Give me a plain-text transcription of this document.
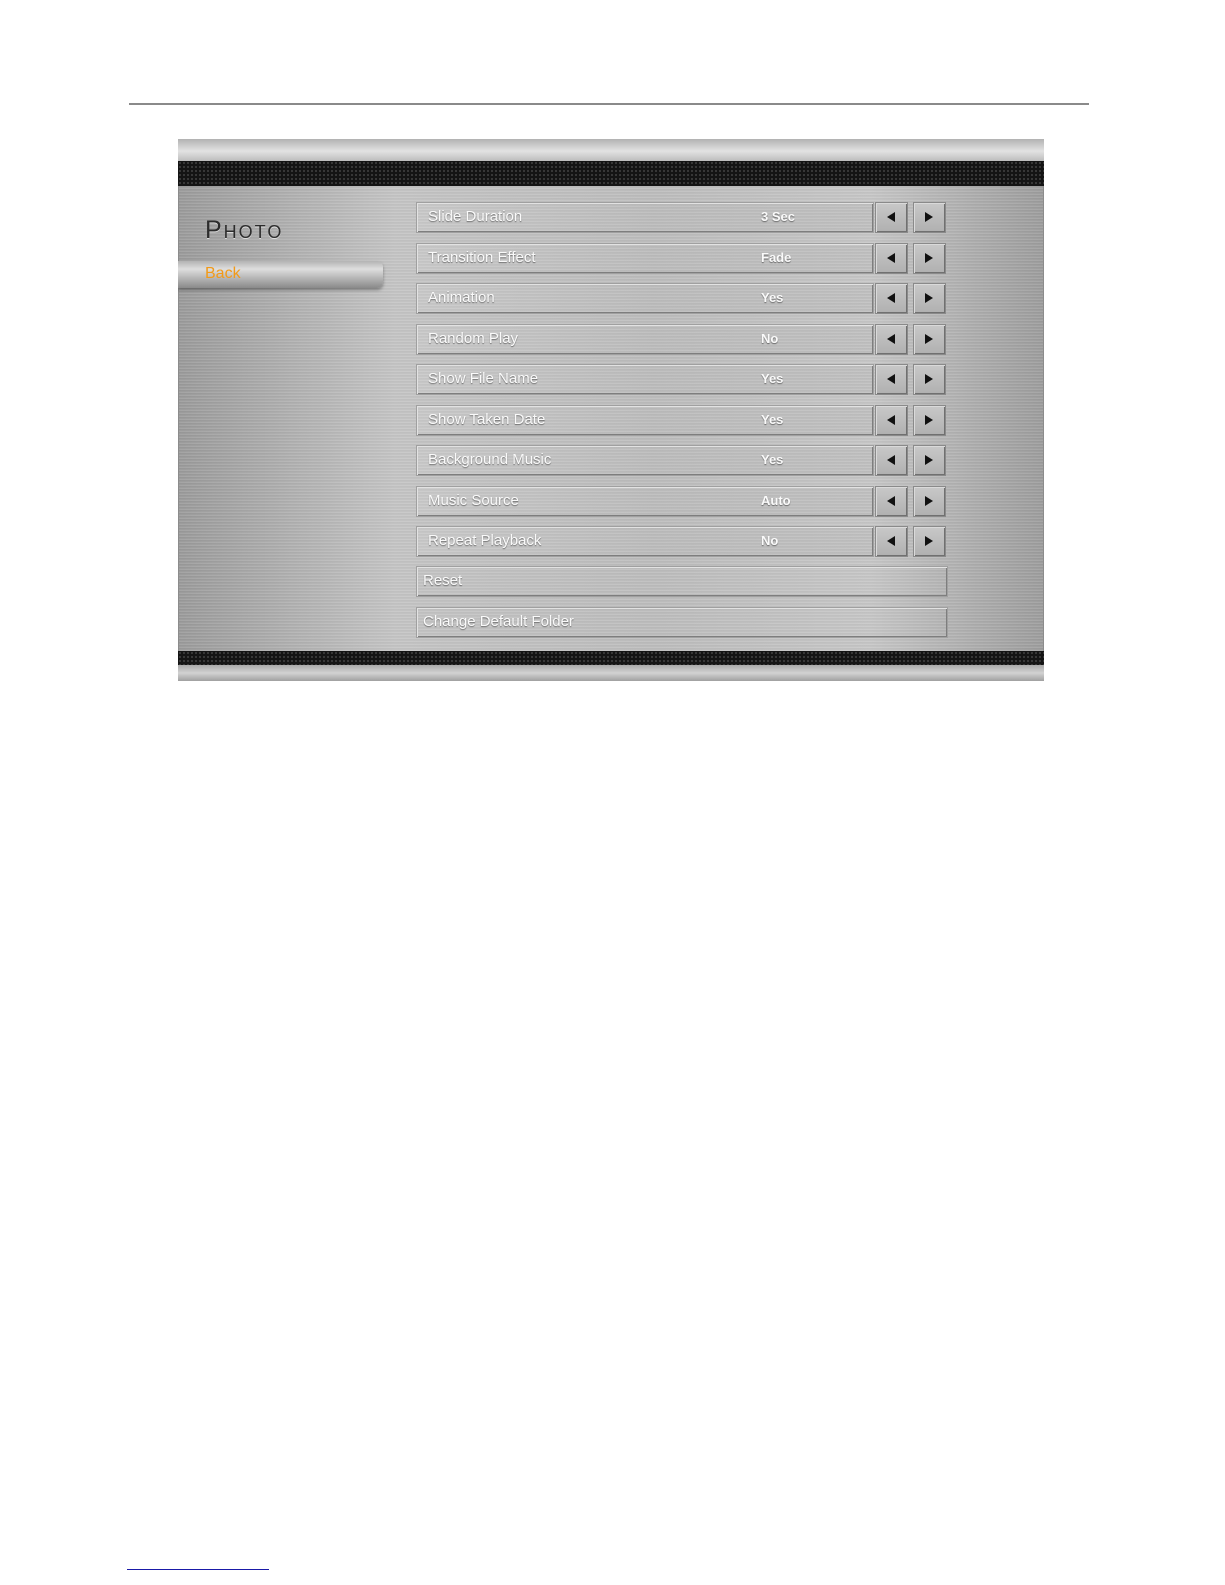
Photo
Back
Slide Duration	3 Sec
Transition Effect	Fade
Animation	Yes
Random Play	No
Show File Name	Yes
Show Taken Date	Yes
Background Music	Yes
Music Source	Auto
Repeat Playback	No
Reset
Change Default Folder
